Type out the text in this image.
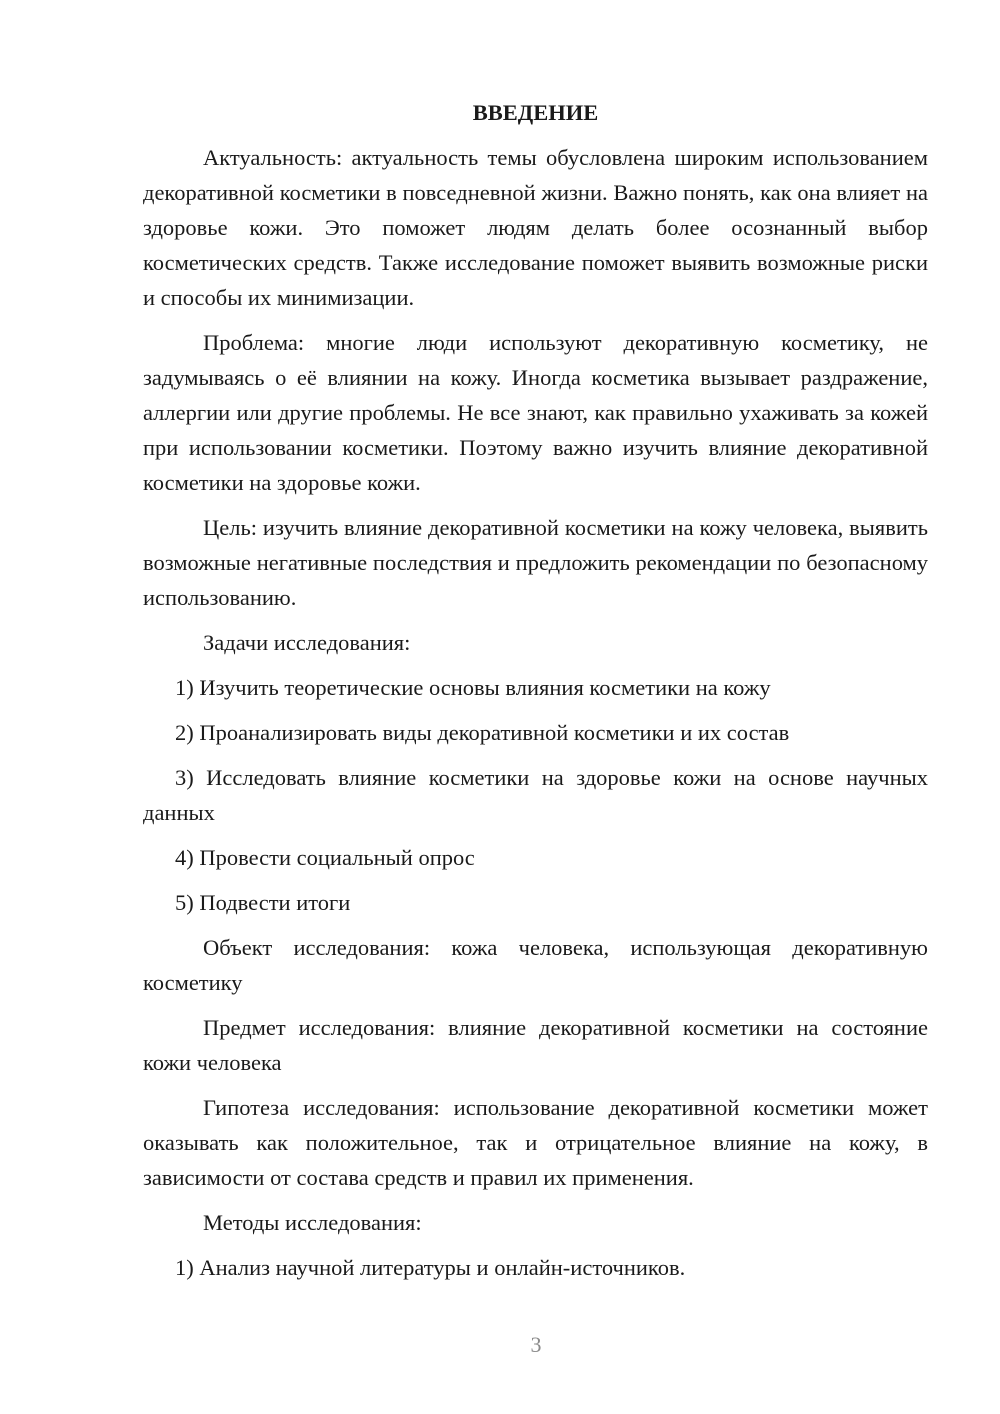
ВВЕДЕНИЕ

Актуальность: актуальность темы обусловлена широким использованием декоративной косметики в повседневной жизни. Важно понять, как она влияет на здоровье кожи. Это поможет людям делать более осознанный выбор косметических средств. Также исследование поможет выявить возможные риски и способы их минимизации.

Проблема: многие люди используют декоративную косметику, не задумываясь о её влиянии на кожу. Иногда косметика вызывает раздражение, аллергии или другие проблемы. Не все знают, как правильно ухаживать за кожей при использовании косметики. Поэтому важно изучить влияние декоративной косметики на здоровье кожи.

Цель: изучить влияние декоративной косметики на кожу человека, выявить возможные негативные последствия и предложить рекомендации по безопасному использованию.

Задачи исследования:

1) Изучить теоретические основы влияния косметики на кожу

2) Проанализировать виды декоративной косметики и их состав

3) Исследовать влияние косметики на здоровье кожи на основе научных данных

4) Провести социальный опрос

5) Подвести итоги

Объект исследования: кожа человека, использующая декоративную косметику

Предмет исследования: влияние декоративной косметики на состояние кожи человека

Гипотеза исследования: использование декоративной косметики может оказывать как положительное, так и отрицательное влияние на кожу, в зависимости от состава средств и правил их применения.

Методы исследования:

1) Анализ научной литературы и онлайн-источников.

3
